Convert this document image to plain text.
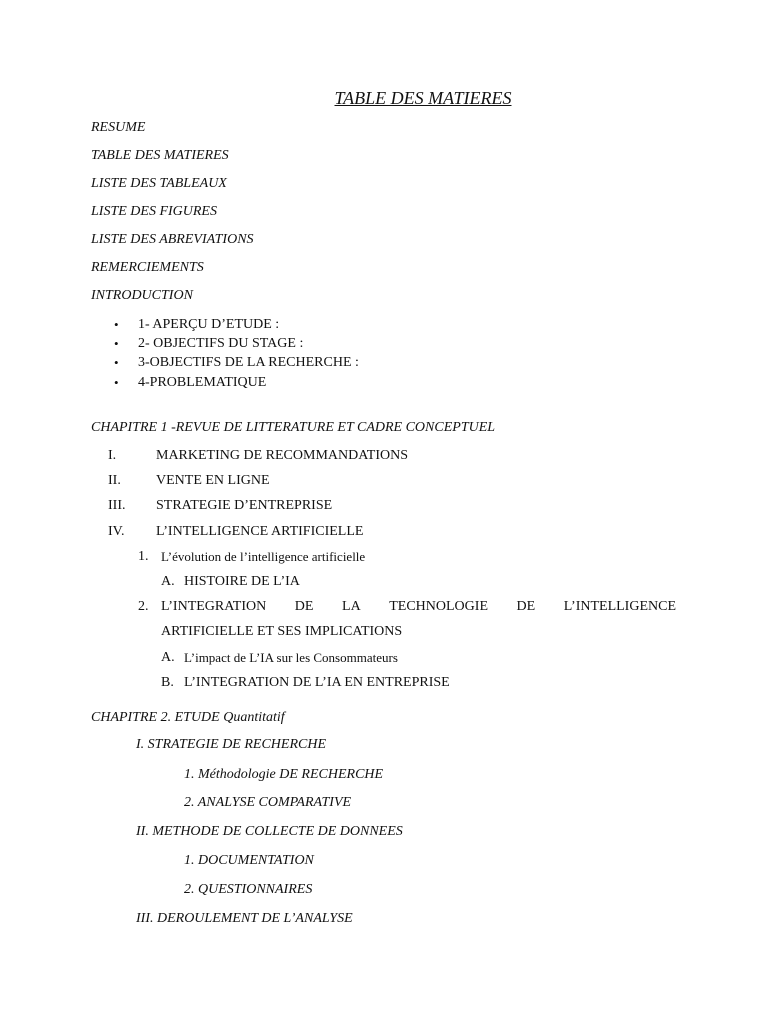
TABLE DES MATIERES
RESUME
TABLE DES MATIERES
LISTE DES TABLEAUX
LISTE DES FIGURES
LISTE DES ABREVIATIONS
REMERCIEMENTS
INTRODUCTION
• 1- APERÇU D’ETUDE :
• 2- OBJECTIFS DU STAGE :
• 3-OBJECTIFS DE LA RECHERCHE :
• 4-PROBLEMATIQUE
CHAPITRE 1 -REVUE DE LITTERATURE ET CADRE CONCEPTUEL
I.	MARKETING DE RECOMMANDATIONS
II.	VENTE EN LIGNE
III. STRATEGIE D’ENTREPRISE
IV. L’INTELLIGENCE ARTIFICIELLE
1. L’évolution de l’intelligence artificielle
A. HISTOIRE DE L’IA
2. L’INTEGRATION DE LA TECHNOLOGIE DE L’INTELLIGENCE
ARTIFICIELLE ET SES IMPLICATIONS
A. L’impact de L’IA sur les Consommateurs
B. L’INTEGRATION DE L’IA EN ENTREPRISE
CHAPITRE 2. ETUDE Quantitatif
I. STRATEGIE DE RECHERCHE
1. Méthodologie DE RECHERCHE
2. ANALYSE COMPARATIVE
II. METHODE DE COLLECTE DE DONNEES
1. DOCUMENTATION
2. QUESTIONNAIRES
III. DEROULEMENT DE L’ANALYSE
